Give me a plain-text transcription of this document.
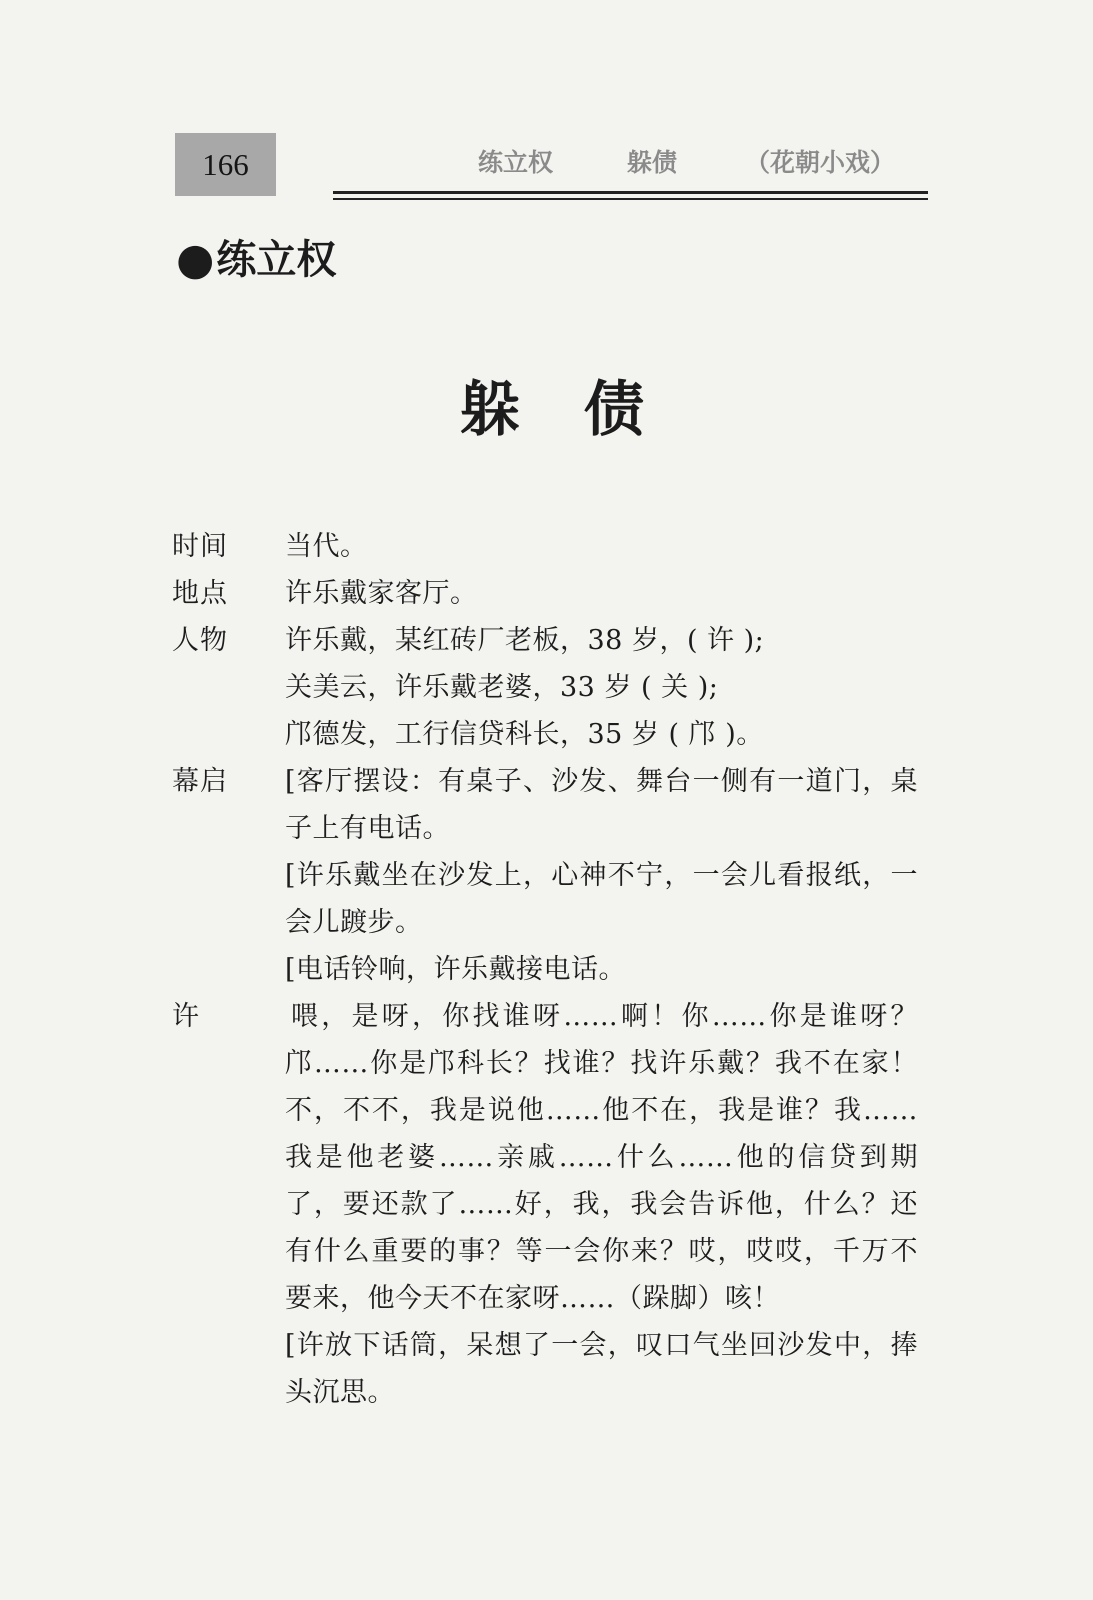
166	练立权	躲债	（花朝小戏）
● 练立权
躲债
时间	当代。
地点	许乐戴家客厅。
人物	许乐戴，某红砖厂老板，38 岁，( 许 );
关美云，许乐戴老婆，33 岁 ( 关 );
邝德发，工行信贷科长，35 岁 ( 邝 )。
幕启	[客厅摆设：有桌子、沙发、舞台一侧有一道门，桌
子上有电话。
[许乐戴坐在沙发上，心神不宁，一会儿看报纸，一
会儿踱步。
[电话铃响，许乐戴接电话。
许	喂，是呀，你找谁呀……啊！你……你是谁呀？
邝……你是邝科长？找谁？找许乐戴？我不在家！
不，不不，我是说他……他不在，我是谁？我……
我是他老婆……亲戚……什么……他的信贷到期
了，要还款了……好，我，我会告诉他，什么？还
有什么重要的事？等一会你来？哎，哎哎，千万不
要来，他今天不在家呀……（跺脚）咳！
[许放下话筒，呆想了一会，叹口气坐回沙发中，捧
头沉思。
